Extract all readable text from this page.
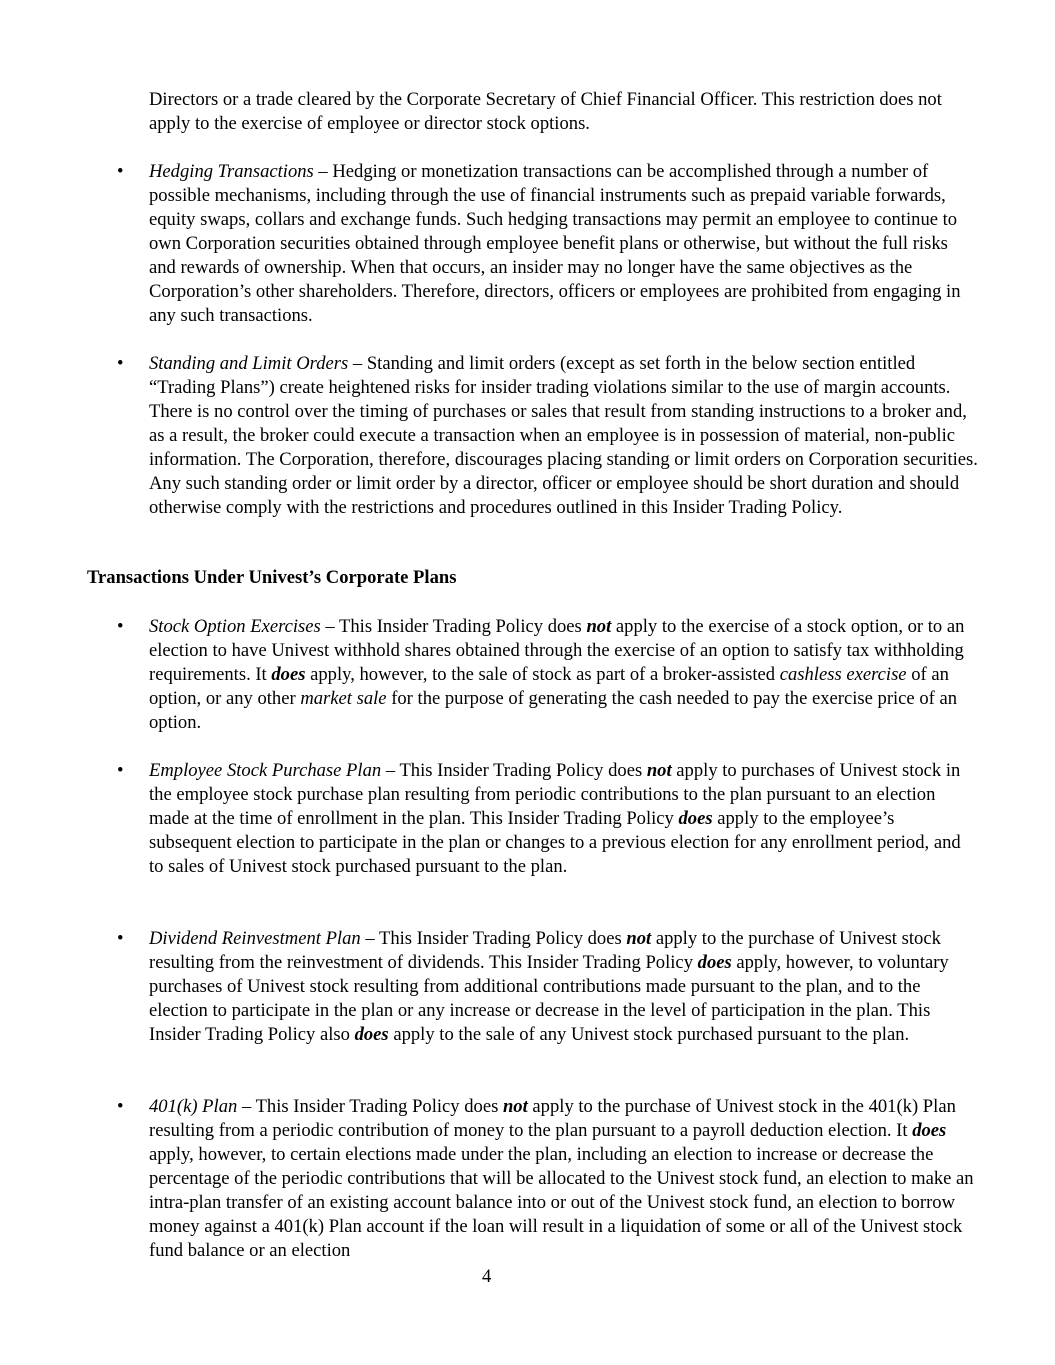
Directors or a trade cleared by the Corporate Secretary of Chief Financial Officer. This restriction does not apply to the exercise of employee or director stock options.

• Hedging Transactions – Hedging or monetization transactions can be accomplished through a number of possible mechanisms, including through the use of financial instruments such as prepaid variable forwards, equity swaps, collars and exchange funds. Such hedging transactions may permit an employee to continue to own Corporation securities obtained through employee benefit plans or otherwise, but without the full risks and rewards of ownership. When that occurs, an insider may no longer have the same objectives as the Corporation’s other shareholders. Therefore, directors, officers or employees are prohibited from engaging in any such transactions.

• Standing and Limit Orders – Standing and limit orders (except as set forth in the below section entitled “Trading Plans”) create heightened risks for insider trading violations similar to the use of margin accounts. There is no control over the timing of purchases or sales that result from standing instructions to a broker and, as a result, the broker could execute a transaction when an employee is in possession of material, non-public information. The Corporation, therefore, discourages placing standing or limit orders on Corporation securities. Any such standing order or limit order by a director, officer or employee should be short duration and should otherwise comply with the restrictions and procedures outlined in this Insider Trading Policy.

Transactions Under Univest’s Corporate Plans
• Stock Option Exercises – This Insider Trading Policy does not apply to the exercise of a stock option, or to an election to have Univest withhold shares obtained through the exercise of an option to satisfy tax withholding requirements. It does apply, however, to the sale of stock as part of a broker-assisted cashless exercise of an option, or any other market sale for the purpose of generating the cash needed to pay the exercise price of an option.

• Employee Stock Purchase Plan – This Insider Trading Policy does not apply to purchases of Univest stock in the employee stock purchase plan resulting from periodic contributions to the plan pursuant to an election made at the time of enrollment in the plan. This Insider Trading Policy does apply to the employee’s subsequent election to participate in the plan or changes to a previous election for any enrollment period, and to sales of Univest stock purchased pursuant to the plan.

• Dividend Reinvestment Plan – This Insider Trading Policy does not apply to the purchase of Univest stock resulting from the reinvestment of dividends. This Insider Trading Policy does apply, however, to voluntary purchases of Univest stock resulting from additional contributions made pursuant to the plan, and to the election to participate in the plan or any increase or decrease in the level of participation in the plan. This Insider Trading Policy also does apply to the sale of any Univest stock purchased pursuant to the plan.

• 401(k) Plan – This Insider Trading Policy does not apply to the purchase of Univest stock in the 401(k) Plan resulting from a periodic contribution of money to the plan pursuant to a payroll deduction election. It does apply, however, to certain elections made under the plan, including an election to increase or decrease the percentage of the periodic contributions that will be allocated to the Univest stock fund, an election to make an intra-plan transfer of an existing account balance into or out of the Univest stock fund, an election to borrow money against a 401(k) Plan account if the loan will result in a liquidation of some or all of the Univest stock fund balance or an election

4
